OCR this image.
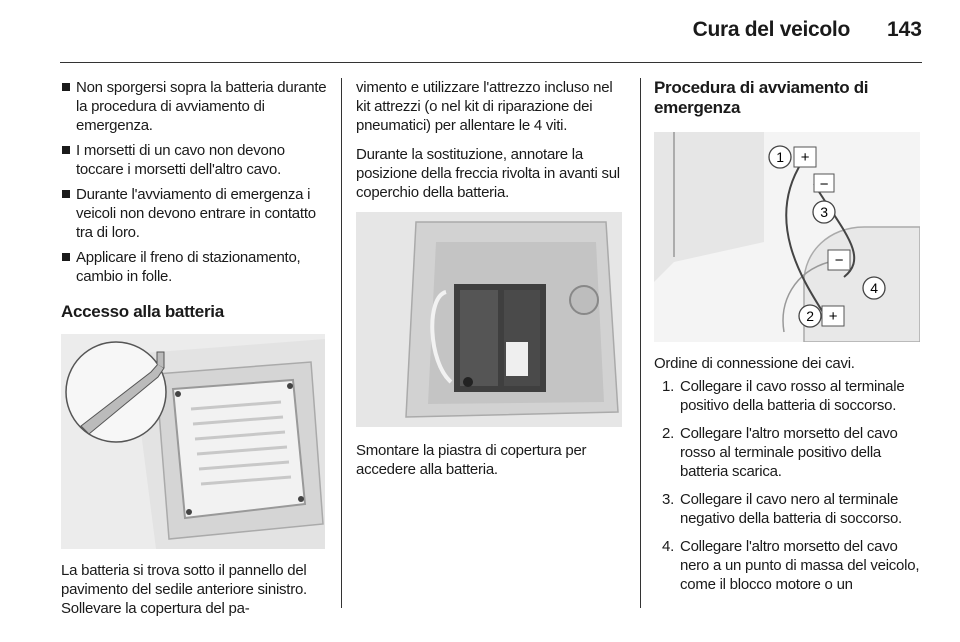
Cura del veicolo	143
Non sporgersi sopra la batteria durante la procedura di avviamento di emergenza.
I morsetti di un cavo non devono toccare i morsetti dell'altro cavo.
Durante l'avviamento di emergenza i veicoli non devono entrare in contatto tra di loro.
Applicare il freno di stazionamento, cambio in folle.
Accesso alla batteria

La batteria si trova sotto il pannello del pavimento del sedile anteriore sinistro. Sollevare la copertura del pa-

vimento e utilizzare l'attrezzo incluso nel kit attrezzi (o nel kit di riparazione dei pneumatici) per allentare le 4 viti.

Durante la sostituzione, annotare la posizione della freccia rivolta in avanti sul coperchio della batteria.

Smontare la piastra di copertura per accedere alla batteria.

Procedura di avviamento di emergenza
+
−
−
+
1
2
3
4

Ordine di connessione dei cavi.

1. Collegare il cavo rosso al terminale positivo della batteria di soccorso.
2. Collegare l'altro morsetto del cavo rosso al terminale positivo della batteria scarica.
3. Collegare il cavo nero al terminale negativo della batteria di soccorso.
4. Collegare l'altro morsetto del cavo nero a un punto di massa del veicolo, come il blocco motore o un
